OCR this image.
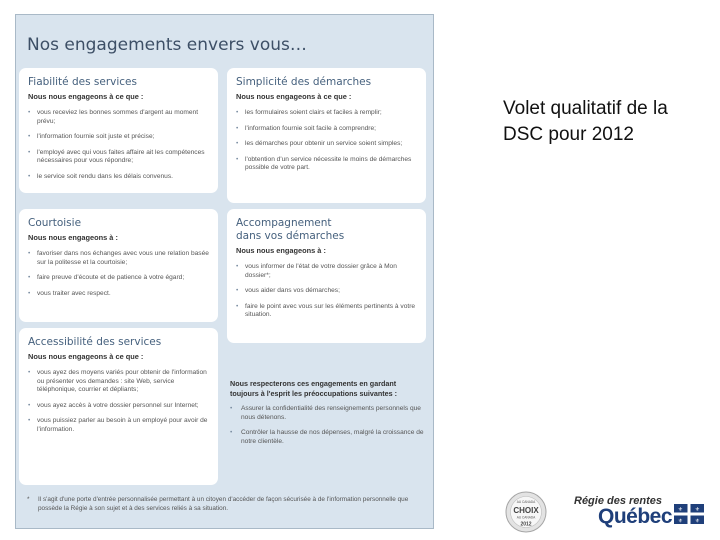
Nos engagements envers vous…
Fiabilité des services
Nous nous engageons à ce que :
• vous receviez les bonnes sommes d'argent au moment prévu;
• l'information fournie soit juste et précise;
• l'employé avec qui vous faites affaire ait les compétences nécessaires pour vous répondre;
• le service soit rendu dans les délais convenus.
Simplicité des démarches
Nous nous engageons à ce que :
• les formulaires soient clairs et faciles à remplir;
• l'information fournie soit facile à comprendre;
• les démarches pour obtenir un service soient simples;
• l'obtention d'un service nécessite le moins de démarches possible de votre part.
Courtoisie
Nous nous engageons à :
• favoriser dans nos échanges avec vous une relation basée sur la politesse et la courtoisie;
• faire preuve d'écoute et de patience à votre égard;
• vous traiter avec respect.
Accompagnement dans vos démarches
Nous nous engageons à :
• vous informer de l'état de votre dossier grâce à Mon dossier*;
• vous aider dans vos démarches;
• faire le point avec vous sur les éléments pertinents à votre situation.
Accessibilité des services
Nous nous engageons à ce que :
• vous ayez des moyens variés pour obtenir de l'information ou présenter vos demandes : site Web, service téléphonique, courrier et dépliants;
• vous ayez accès à votre dossier personnel sur Internet;
• vous puissiez parler au besoin à un employé pour avoir de l'information.
Nous respecterons ces engagements en gardant toujours à l'esprit les préoccupations suivantes :
• Assurer la confidentialité des renseignements personnels que nous détenons.
• Contrôler la hausse de nos dépenses, malgré la croissance de notre clientèle.
*	Il s'agit d'une porte d'entrée personnalisée permettant à un citoyen d'accéder de façon sécurisée à de l'information personnelle que possède la Régie à son sujet et à des services reliés à sa situation.
Volet qualitatif de la DSC pour 2012
AU CANADA
CHOIX
AU CANADA
2012
Régie des rentes
Québec ⚜ ⚜
⚜ ⚜
